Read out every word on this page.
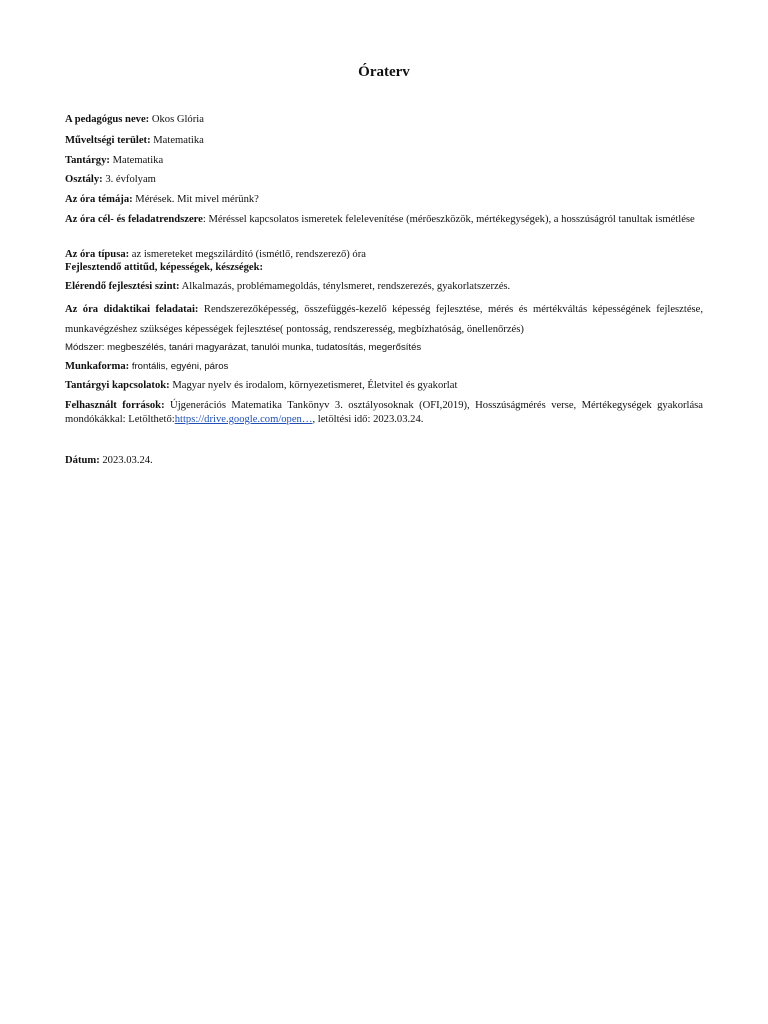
Óraterv
A pedagógus neve: Okos Glória
Műveltségi terület: Matematika
Tantárgy: Matematika
Osztály: 3. évfolyam
Az óra témája: Mérések. Mit mivel mérünk?
Az óra cél- és feladatrendszere: Méréssel kapcsolatos ismeretek felelevenítése (mérőeszközök, mértékegységek), a hosszúságról tanultak ismétlése
Az óra típusa: az ismereteket megszilárdító (ismétlő, rendszerező) óra
Fejlesztendő attitűd, képességek, készségek:
Elérendő fejlesztési szint: Alkalmazás, problémamegoldás, ténylsmeret, rendszerezés, gyakorlatszerzés.
Az óra didaktikai feladatai: Rendszerezőképesség, összefüggés-kezelő képesség fejlesztése, mérés és mértékváltás képességének fejlesztése, munkavégzéshez szükséges képességek fejlesztése( pontosság, rendszeresség, megbízhatóság, önellenőrzés)
Módszer: megbeszélés, tanári magyarázat, tanulói munka, tudatosítás, megerősítés
Munkaforma: frontális, egyéni, páros
Tantárgyi kapcsolatok: Magyar nyelv és irodalom, környezetismeret, Életvitel és gyakorlat
Felhasznált források: Újgenerációs Matematika Tankönyv 3. osztályosoknak (OFI,2019), Hosszúságmérés verse, Mértékegységek gyakorlása mondókákkal: Letölthető:https://drive.google.com/open…, letöltési idő: 2023.03.24.
Dátum: 2023.03.24.
